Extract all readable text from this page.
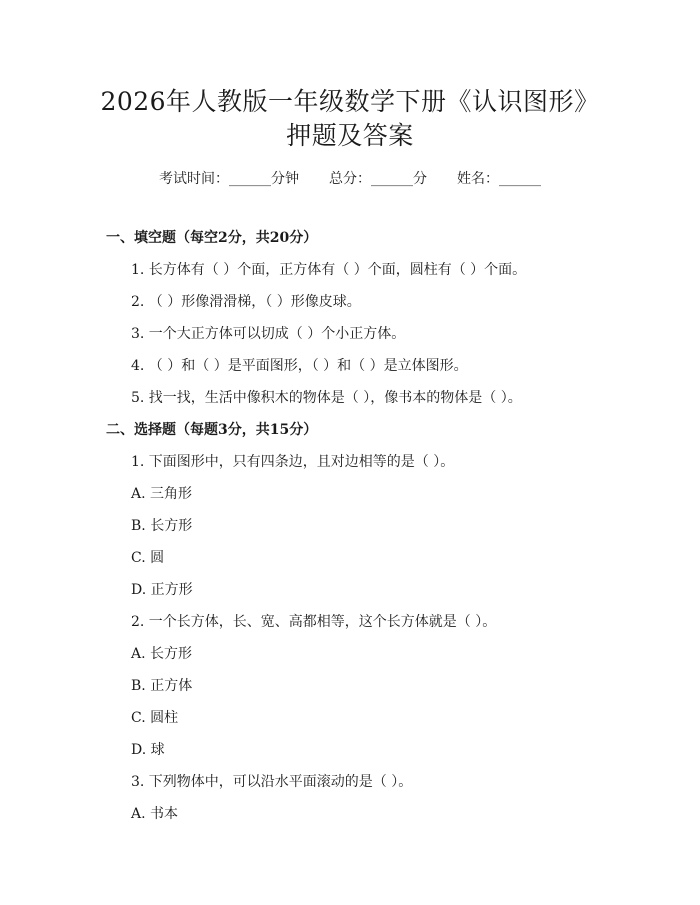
2026年人教版一年级数学下册《认识图形》
押题及答案
考试时间：______分钟 总分：______分 姓名：______
一、填空题（每空2分，共20分）
1. 长方体有（ ）个面，正方体有（ ）个面，圆柱有（ ）个面。
2. （ ）形像滑滑梯，（ ）形像皮球。
3. 一个大正方体可以切成（ ）个小正方体。
4. （ ）和（ ）是平面图形，（ ）和（ ）是立体图形。
5. 找一找，生活中像积木的物体是（ ），像书本的物体是（ ）。
二、选择题（每题3分，共15分）
1. 下面图形中，只有四条边，且对边相等的是（ ）。
A. 三角形
B. 长方形
C. 圆
D. 正方形
2. 一个长方体，长、宽、高都相等，这个长方体就是（ ）。
A. 长方形
B. 正方体
C. 圆柱
D. 球
3. 下列物体中，可以沿水平面滚动的是（ ）。
A. 书本
